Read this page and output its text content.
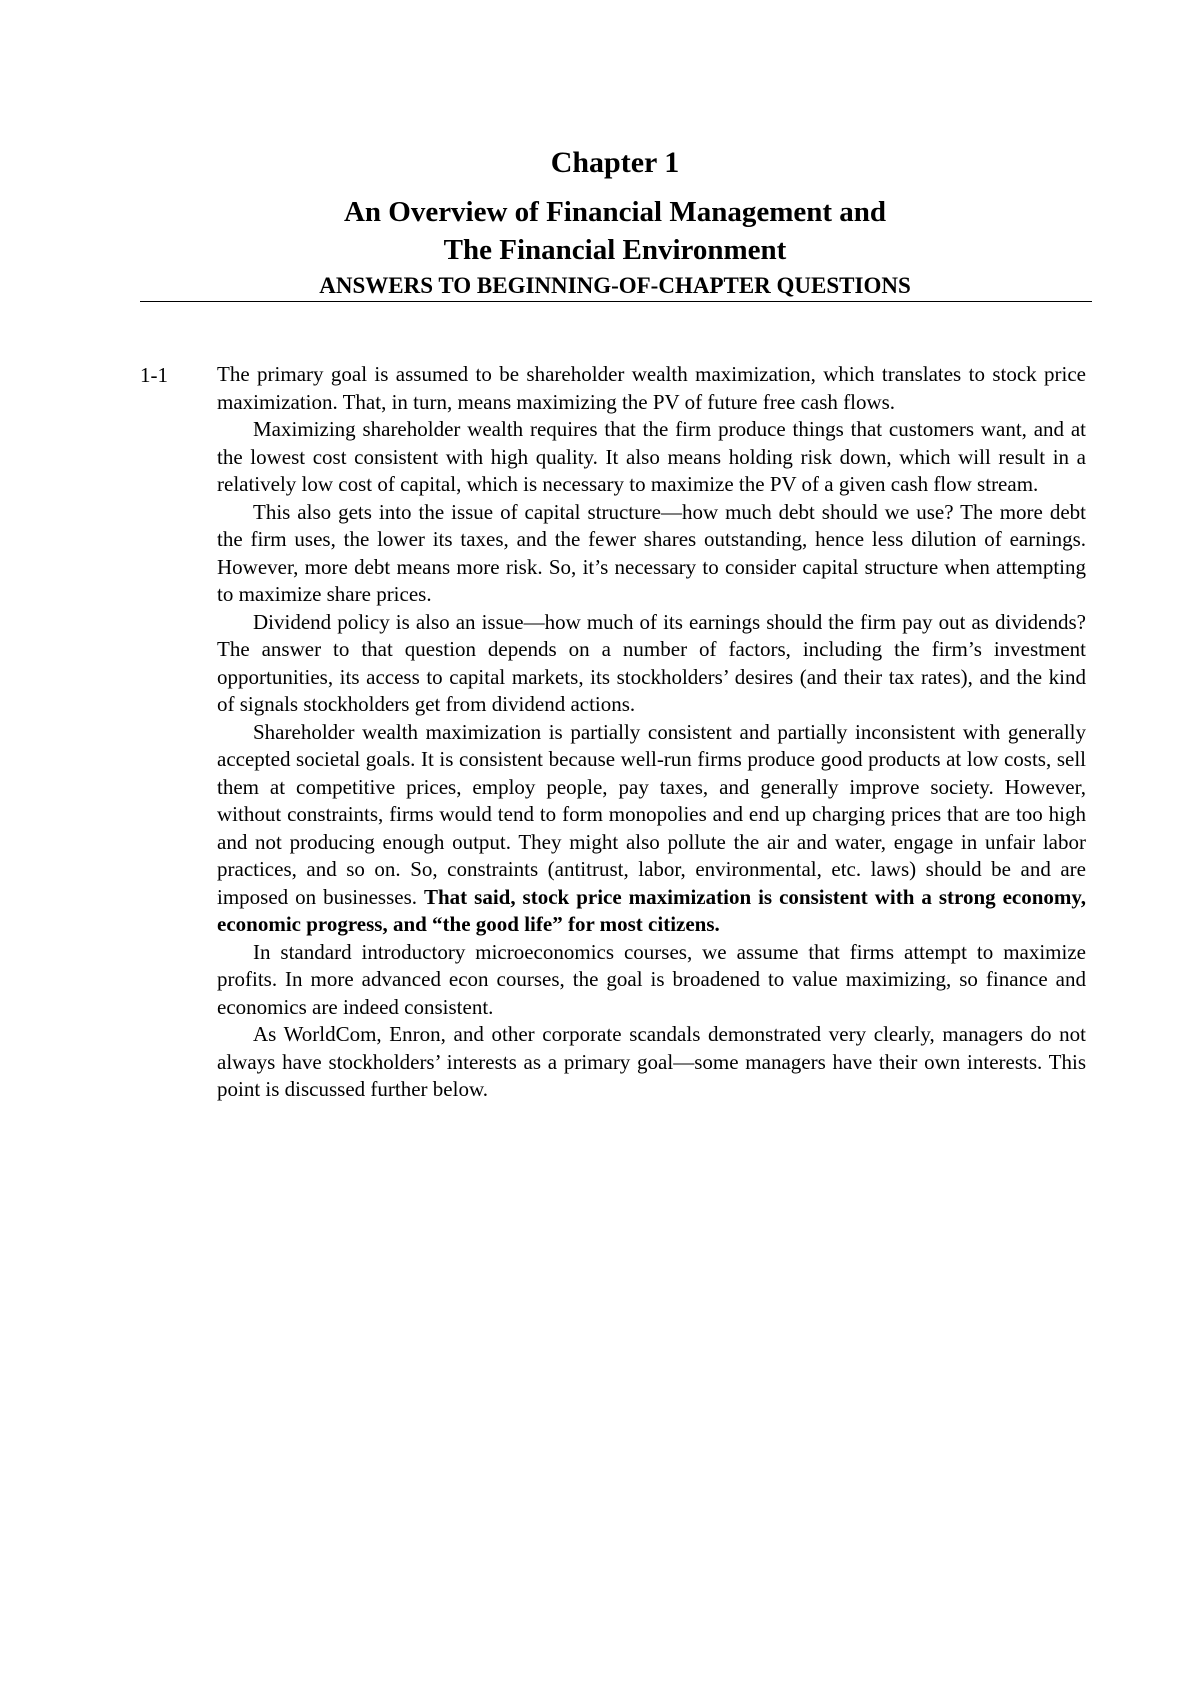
Chapter 1
An Overview of Financial Management and
The Financial Environment
ANSWERS TO BEGINNING-OF-CHAPTER QUESTIONS
1-1 The primary goal is assumed to be shareholder wealth maximization, which translates to stock price maximization. That, in turn, means maximizing the PV of future free cash flows.

Maximizing shareholder wealth requires that the firm produce things that customers want, and at the lowest cost consistent with high quality. It also means holding risk down, which will result in a relatively low cost of capital, which is necessary to maximize the PV of a given cash flow stream.

This also gets into the issue of capital structure—how much debt should we use? The more debt the firm uses, the lower its taxes, and the fewer shares outstanding, hence less dilution of earnings. However, more debt means more risk. So, it’s necessary to consider capital structure when attempting to maximize share prices.

Dividend policy is also an issue—how much of its earnings should the firm pay out as dividends? The answer to that question depends on a number of factors, including the firm’s investment opportunities, its access to capital markets, its stockholders’ desires (and their tax rates), and the kind of signals stockholders get from dividend actions.

Shareholder wealth maximization is partially consistent and partially inconsistent with generally accepted societal goals. It is consistent because well-run firms produce good products at low costs, sell them at competitive prices, employ people, pay taxes, and generally improve society. However, without constraints, firms would tend to form monopolies and end up charging prices that are too high and not producing enough output. They might also pollute the air and water, engage in unfair labor practices, and so on. So, constraints (antitrust, labor, environmental, etc. laws) should be and are imposed on businesses. That said, stock price maximization is consistent with a strong economy, economic progress, and “the good life” for most citizens.

In standard introductory microeconomics courses, we assume that firms attempt to maximize profits. In more advanced econ courses, the goal is broadened to value maximizing, so finance and economics are indeed consistent.

As WorldCom, Enron, and other corporate scandals demonstrated very clearly, managers do not always have stockholders’ interests as a primary goal—some managers have their own interests. This point is discussed further below.
